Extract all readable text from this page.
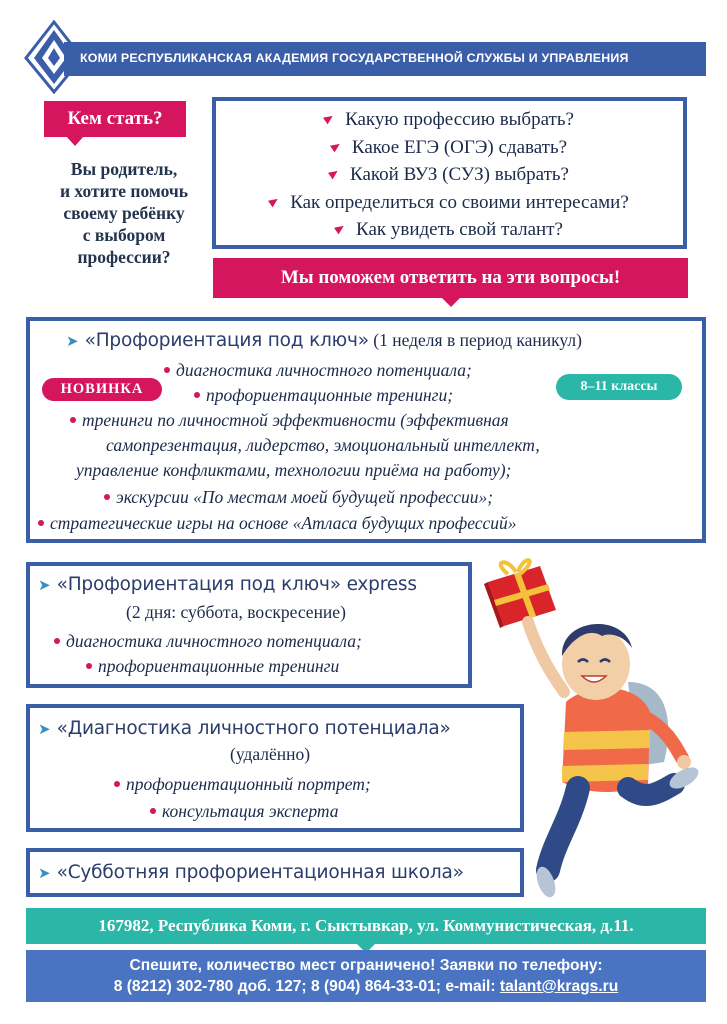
КОМИ РЕСПУБЛИКАНСКАЯ АКАДЕМИЯ ГОСУДАРСТВЕННОЙ СЛУЖБЫ И УПРАВЛЕНИЯ
Кем стать?
Вы родитель,
и хотите помочь
своему ребёнку
с выбором
профессии?
Какую профессию выбрать?
Какое ЕГЭ (ОГЭ) сдавать?
Какой ВУЗ (СУЗ) выбрать?
Как определиться со своими интересами?
Как увидеть свой талант?
Мы поможем ответить на эти вопросы!
➤ «Профориентация под ключ» (1 неделя в период каникул)
диагностика личностного потенциала;
профориентационные тренинги;
тренинги по личностной эффективности (эффективная
самопрезентация, лидерство, эмоциональный интеллект,
управление конфликтами, технологии приёма на работу);
экскурсии «По местам моей будущей профессии»;
стратегические игры на основе «Атласа будущих профессий»
НОВИНКА	8–11 классы
➤ «Профориентация под ключ» express
(2 дня: суббота, воскресение)
диагностика личностного потенциала;
профориентационные тренинги
➤ «Диагностика личностного потенциала»
(удалённо)
профориентационный портрет;
консультация эксперта
➤ «Субботняя профориентационная школа»
167982, Республика Коми, г. Сыктывкар, ул. Коммунистическая, д.11.
Спешите, количество мест ограничено! Заявки по телефону:
8 (8212) 302-780 доб. 127; 8 (904) 864-33-01; e-mail: talant@krags.ru
